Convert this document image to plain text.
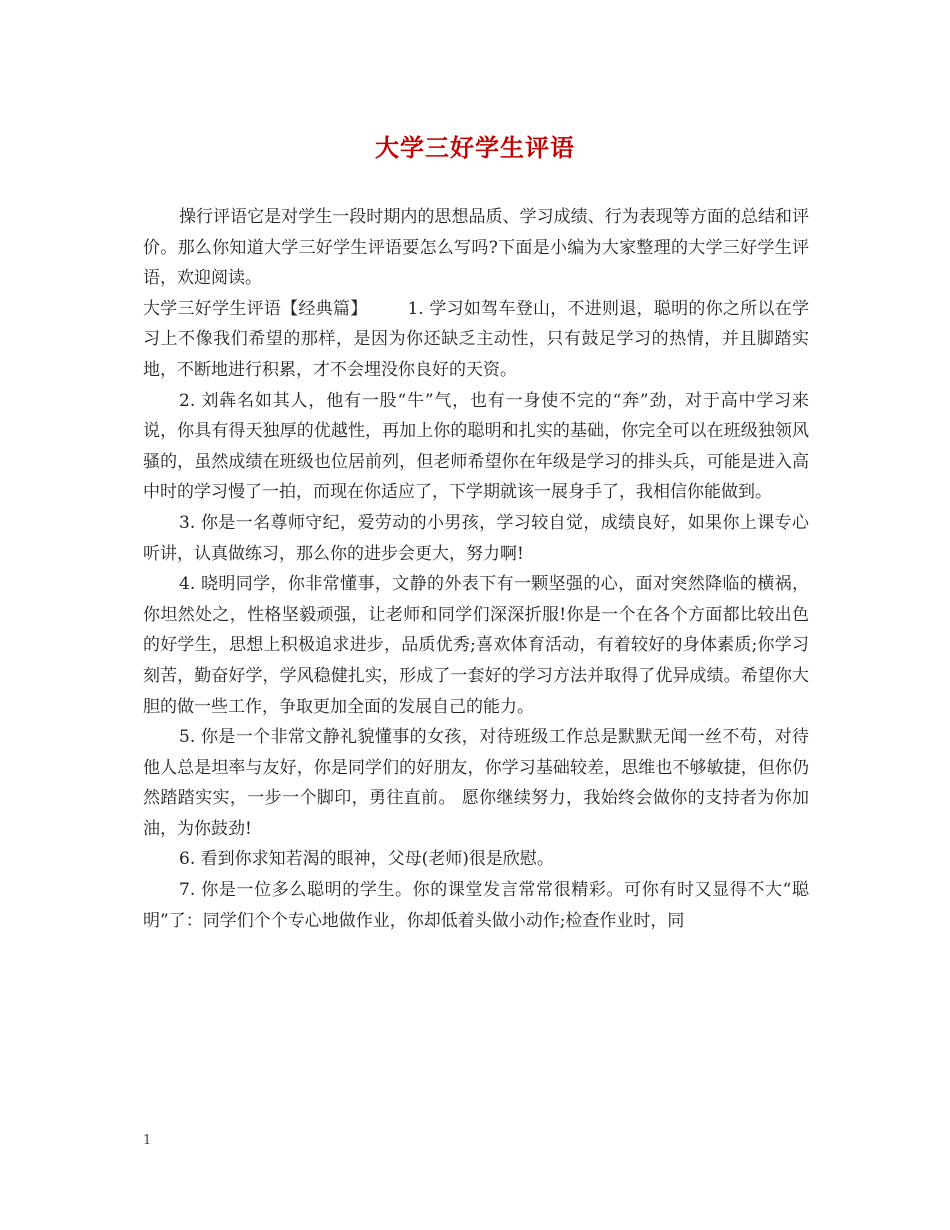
大学三好学生评语

操行评语它是对学生一段时期内的思想品质、学习成绩、行为表现等方面的总结和评价。那么你知道大学三好学生评语要怎么写吗?下面是小编为大家整理的大学三好学生评语，欢迎阅读。

大学三好学生评语【经典篇】 1. 学习如驾车登山，不进则退，聪明的你之所以在学习上不像我们希望的那样，是因为你还缺乏主动性，只有鼓足学习的热情，并且脚踏实地，不断地进行积累，才不会埋没你良好的天资。

2. 刘犇名如其人，他有一股“牛”气，也有一身使不完的“奔”劲，对于高中学习来说，你具有得天独厚的优越性，再加上你的聪明和扎实的基础，你完全可以在班级独领风骚的，虽然成绩在班级也位居前列，但老师希望你在年级是学习的排头兵，可能是进入高中时的学习慢了一拍，而现在你适应了，下学期就该一展身手了，我相信你能做到。

3. 你是一名尊师守纪，爱劳动的小男孩，学习较自觉，成绩良好，如果你上课专心听讲，认真做练习，那么你的进步会更大，努力啊!

4. 晓明同学，你非常懂事，文静的外表下有一颗坚强的心，面对突然降临的横祸，你坦然处之，性格坚毅顽强，让老师和同学们深深折服!你是一个在各个方面都比较出色的好学生，思想上积极追求进步，品质优秀;喜欢体育活动，有着较好的身体素质;你学习刻苦，勤奋好学，学风稳健扎实，形成了一套好的学习方法并取得了优异成绩。希望你大胆的做一些工作，争取更加全面的发展自己的能力。

5. 你是一个非常文静礼貌懂事的女孩，对待班级工作总是默默无闻一丝不苟，对待他人总是坦率与友好，你是同学们的好朋友，你学习基础较差，思维也不够敏捷，但你仍然踏踏实实，一步一个脚印，勇往直前。 愿你继续努力，我始终会做你的支持者为你加油，为你鼓劲!

6. 看到你求知若渴的眼神，父母(老师)很是欣慰。

7. 你是一位多么聪明的学生。你的课堂发言常常很精彩。可你有时又显得不大“聪明”了：同学们个个专心地做作业，你却低着头做小动作;检查作业时，同

1
